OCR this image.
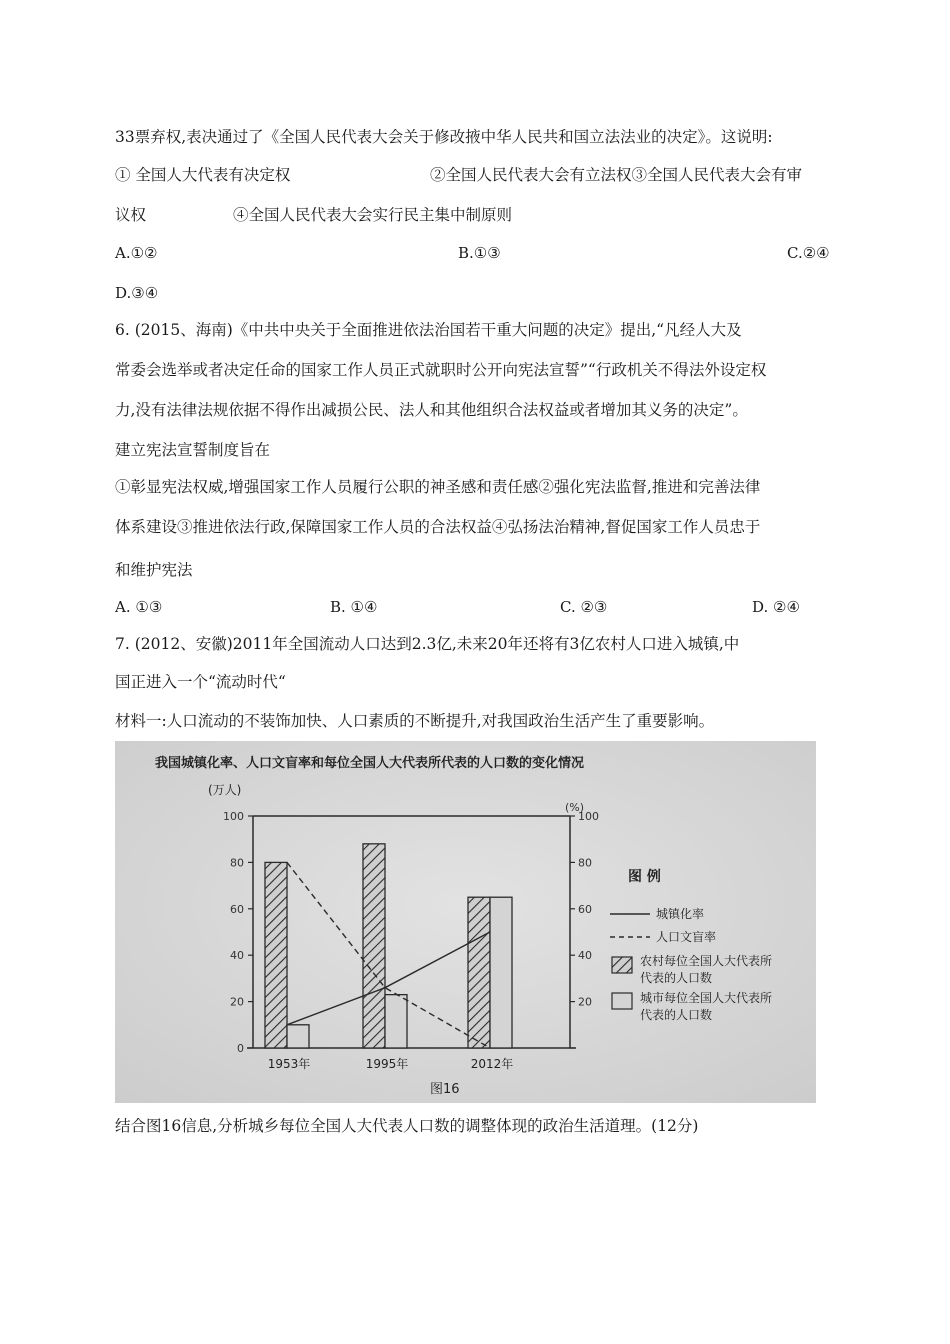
33票弃权,表决通过了《全国人民代表大会关于修改掖中华人民共和国立法法业的决定》。这说明:
① 全国人大代表有决定权	②全国人民代表大会有立法权③全国人民代表大会有审
议权	④全国人民代表大会实行民主集中制原则
A.①②	B.①③	C.②④
D.③④
6. (2015、海南)《中共中央关于全面推进依法治国若干重大问题的决定》提出,“凡经人大及
常委会选举或者决定任命的国家工作人员正式就职时公开向宪法宣誓”“行政机关不得法外设定权
力,没有法律法规依据不得作出减损公民、法人和其他组织合法权益或者增加其义务的决定”。
建立宪法宣誓制度旨在
①彰显宪法权威,增强国家工作人员履行公职的神圣感和责任感②强化宪法监督,推进和完善法律
体系建设③推进依法行政,保障国家工作人员的合法权益④弘扬法治精神,督促国家工作人员忠于
和维护宪法
A. ①③	B. ①④	C. ②③	D. ②④
7. (2012、安徽)2011年全国流动人口达到2.3亿,未来20年还将有3亿农村人口进入城镇,中
国正进入一个“流动时代“
材料一:人口流动的不装饰加快、人口素质的不断提升,对我国政治生活产生了重要影响。
我国城镇化率、人口文盲率和每位全国人大代表所代表的人口数的变化情况
(万人)
(%)
0
20	20
40	40
60	60
80	80
100	100
1953年	1995年	2012年
图 例
城镇化率
人口文盲率
农村每位全国人大代表所
代表的人口数
城市每位全国人大代表所
代表的人口数
图16
结合图16信息,分析城乡每位全国人大代表人口数的调整体现的政治生活道理。(12分)
